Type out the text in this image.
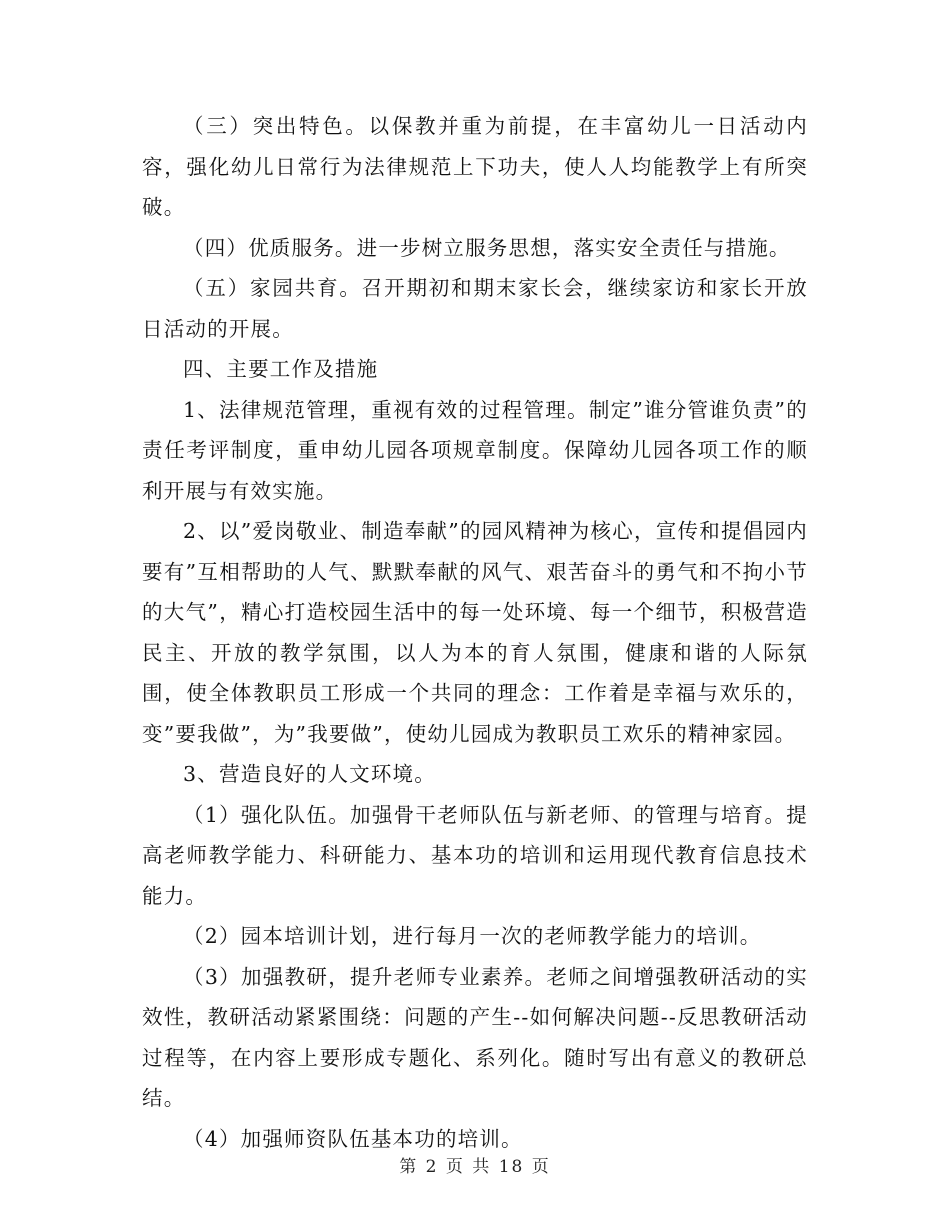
（三）突出特色。以保教并重为前提，在丰富幼儿一日活动内容，强化幼儿日常行为法律规范上下功夫，使人人均能教学上有所突破。

（四）优质服务。进一步树立服务思想，落实安全责任与措施。

（五）家园共育。召开期初和期末家长会，继续家访和家长开放日活动的开展。

四、主要工作及措施

1、法律规范管理，重视有效的过程管理。制定”谁分管谁负责”的责任考评制度，重申幼儿园各项规章制度。保障幼儿园各项工作的顺利开展与有效实施。

2、以”爱岗敬业、制造奉献”的园风精神为核心，宣传和提倡园内要有”互相帮助的人气、默默奉献的风气、艰苦奋斗的勇气和不拘小节的大气”，精心打造校园生活中的每一处环境、每一个细节，积极营造民主、开放的教学氛围，以人为本的育人氛围，健康和谐的人际氛围，使全体教职员工形成一个共同的理念：工作着是幸福与欢乐的，变”要我做”，为”我要做”，使幼儿园成为教职员工欢乐的精神家园。

3、营造良好的人文环境。

（1）强化队伍。加强骨干老师队伍与新老师、的管理与培育。提高老师教学能力、科研能力、基本功的培训和运用现代教育信息技术能力。

（2）园本培训计划，进行每月一次的老师教学能力的培训。

（3）加强教研，提升老师专业素养。老师之间增强教研活动的实效性，教研活动紧紧围绕：问题的产生--如何解决问题--反思教研活动过程等，在内容上要形成专题化、系列化。随时写出有意义的教研总结。

（4）加强师资队伍基本功的培训。

第 2 页 共 18 页
